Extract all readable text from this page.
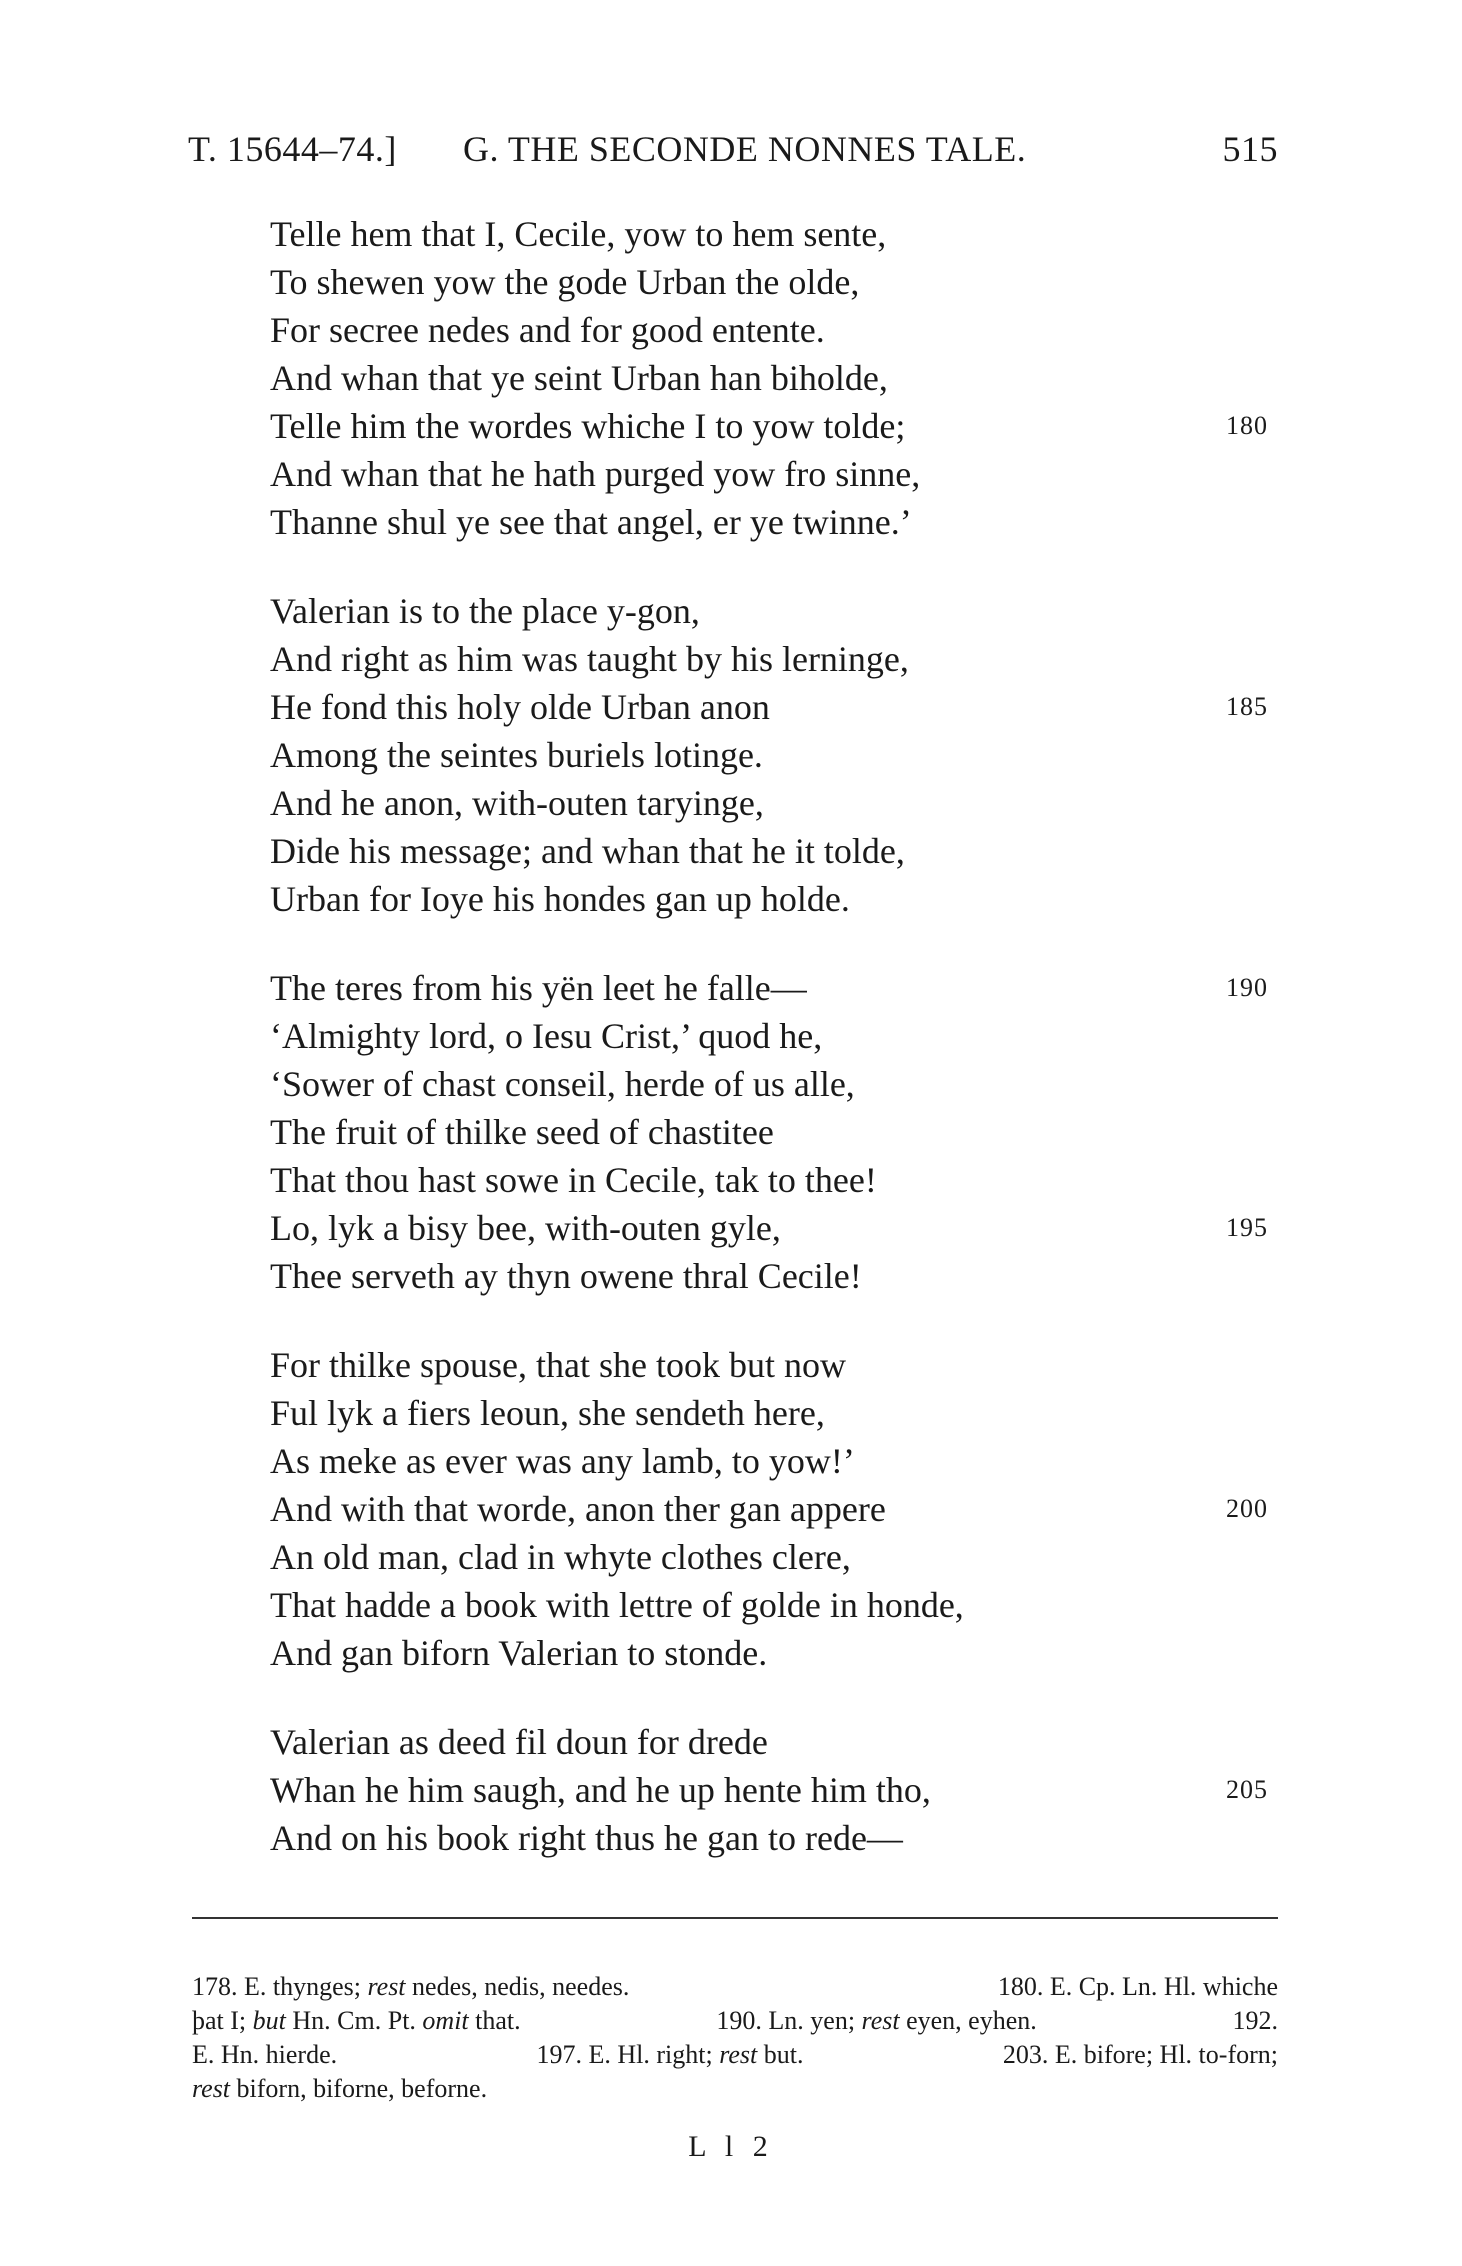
T. 15644–74.] G. THE SECONDE NONNES TALE.	515
Telle hem that I, Cecile, yow to hem sente,
To shewen yow the gode Urban the olde,
For secree nedes and for good entente.
And whan that ye seint Urban han biholde,
Telle him the wordes whiche I to yow tolde;	180
And whan that he hath purged yow fro sinne,
Thanne shul ye see that angel, er ye twinne.’
Valerian is to the place y-gon,
And right as him was taught by his lerninge,
He fond this holy olde Urban anon	185
Among the seintes buriels lotinge.
And he anon, with-outen taryinge,
Dide his message; and whan that he it tolde,
Urban for Ioye his hondes gan up holde.
The teres from his yën leet he falle—	190
‘Almighty lord, o Iesu Crist,’ quod he,
‘Sower of chast conseil, herde of us alle,
The fruit of thilke seed of chastitee
That thou hast sowe in Cecile, tak to thee!
Lo, lyk a bisy bee, with-outen gyle,	195
Thee serveth ay thyn owene thral Cecile!
For thilke spouse, that she took but now
Ful lyk a fiers leoun, she sendeth here,
As meke as ever was any lamb, to yow!’
And with that worde, anon ther gan appere	200
An old man, clad in whyte clothes clere,
That hadde a book with lettre of golde in honde,
And gan biforn Valerian to stonde.
Valerian as deed fil doun for drede
Whan he him saugh, and he up hente him tho,	205
And on his book right thus he gan to rede—
178. E. thynges; rest nedes, nedis, needes.	180. E. Cp. Ln. Hl. whiche
þat I; but Hn. Cm. Pt. omit that.	190. Ln. yen; rest eyen, eyhen.	192.
E. Hn. hierde.	197. E. Hl. right; rest but.	203. E. bifore; Hl. to-forn;
rest biforn, biforne, beforne.
L l 2
